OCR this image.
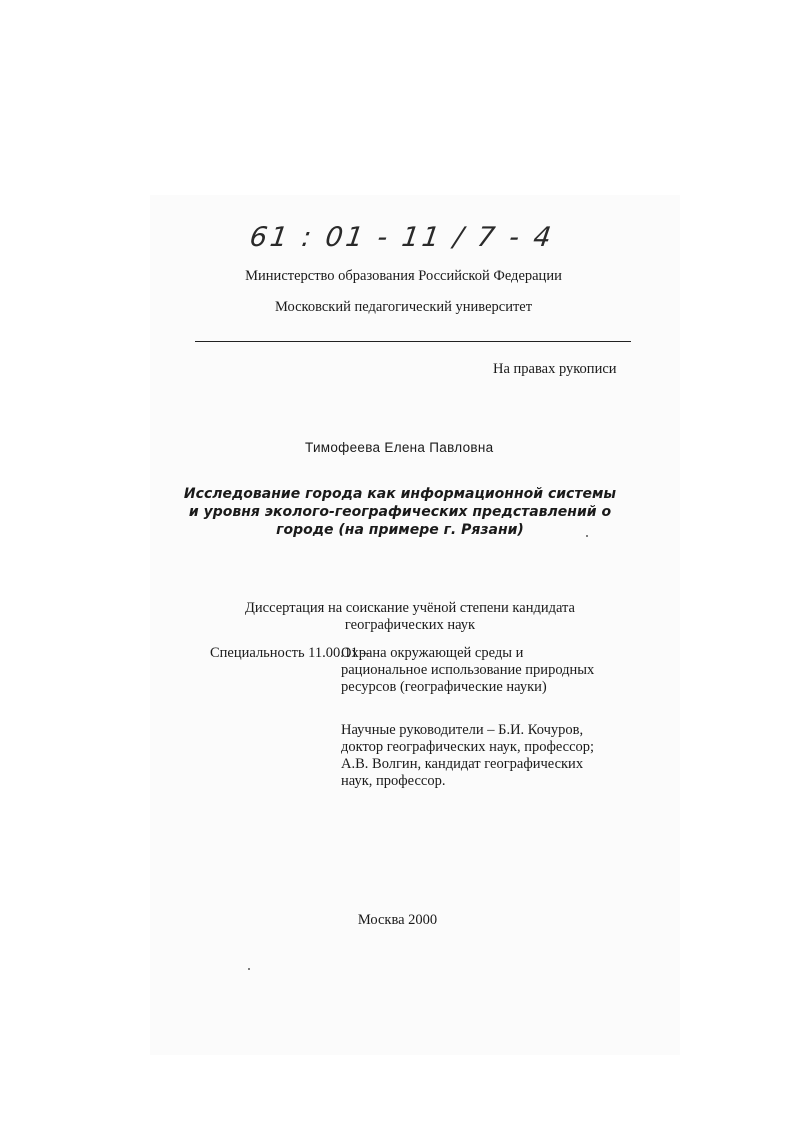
61 : 01 - 11 / 7 - 4
Министерство образования Российской Федерации
Московский педагогический университет
На правах рукописи
Тимофеева Елена Павловна
Исследование города как информационной системы
и уровня эколого-географических представлений о
городе (на примере г. Рязани)
Диссертация на соискание учёной степени кандидата
географических наук
Специальность 11.00.11 –
Охрана окружающей среды и
рациональное использование природных
ресурсов (географические науки)
Научные руководители – Б.И. Кочуров,
доктор географических наук, профессор;
А.В. Волгин, кандидат географических
наук, профессор.
Москва 2000
